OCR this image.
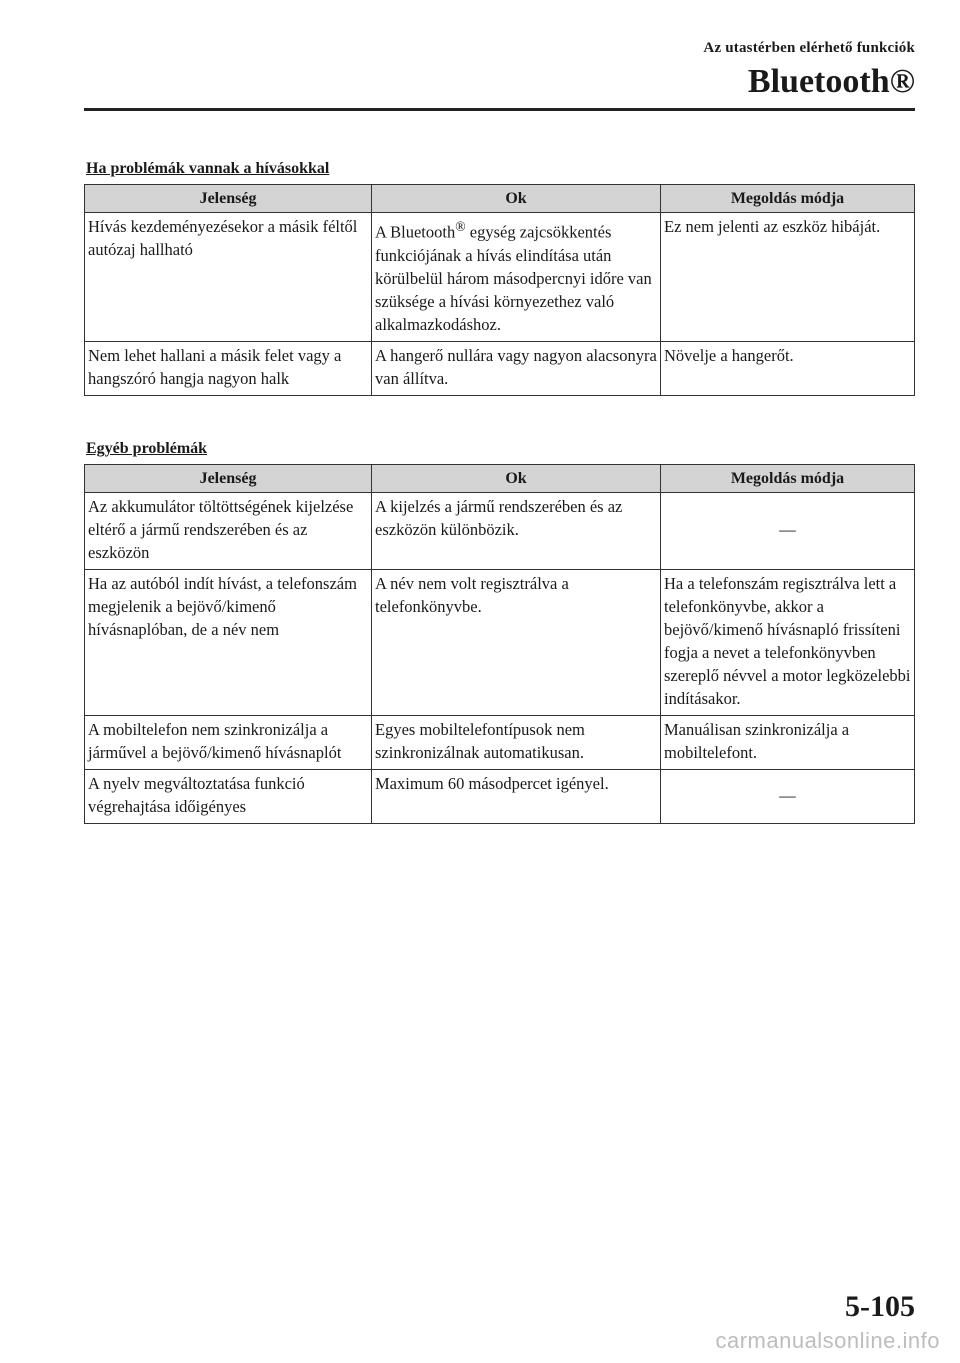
Az utastérben elérhető funkciók
Bluetooth®
Ha problémák vannak a hívásokkal
Jelenség	Ok	Megoldás módja
Hívás kezdeményezésekor a másik féltől autózaj hallható	A Bluetooth® egység zajcsökkentés funkciójának a hívás elindítása után körülbelül három másodpercnyi időre van szüksége a hívási környezethez való alkalmazkodáshoz.	Ez nem jelenti az eszköz hibáját.
Nem lehet hallani a másik felet vagy a hangszóró hangja nagyon halk	A hangerő nullára vagy nagyon alacsonyra van állítva.	Növelje a hangerőt.
Egyéb problémák
Jelenség	Ok	Megoldás módja
Az akkumulátor töltöttségének kijelzése eltérő a jármű rendszerében és az eszközön	A kijelzés a jármű rendszerében és az eszközön különbözik.	—
Ha az autóból indít hívást, a telefonszám megjelenik a bejövő/kimenő hívásnaplóban, de a név nem	A név nem volt regisztrálva a telefonkönyvbe.	Ha a telefonszám regisztrálva lett a telefonkönyvbe, akkor a bejövő/kimenő hívásnapló frissíteni fogja a nevet a telefonkönyvben szereplő névvel a motor legközelebbi indításakor.
A mobiltelefon nem szinkronizálja a járművel a bejövő/kimenő hívásnaplót	Egyes mobiltelefontípusok nem szinkronizálnak automatikusan.	Manuálisan szinkronizálja a mobiltelefont.
A nyelv megváltoztatása funkció végrehajtása időigényes	Maximum 60 másodpercet igényel.	—
5-105
carmanualsonline.info
